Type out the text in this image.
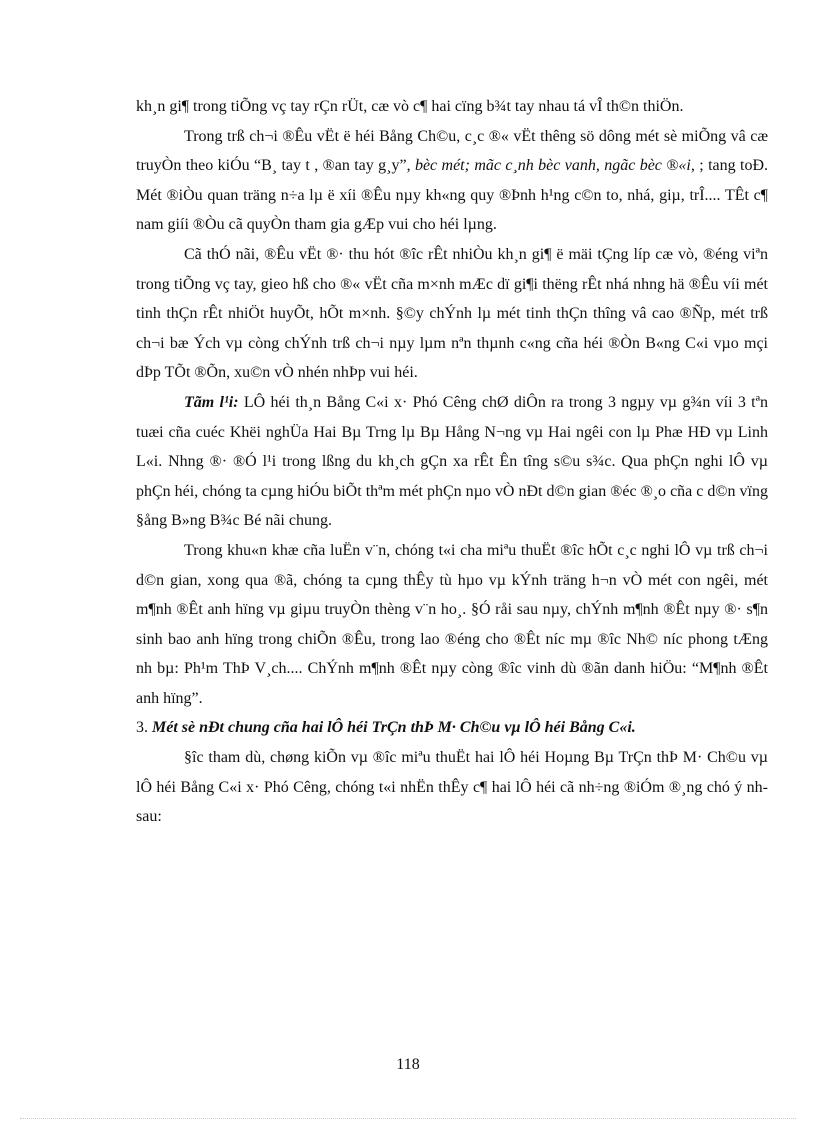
kh¸n gi¶ trong tiÕng vç tay rÇn rÜt, cæ vò c¶ hai cïng b¾t tay nhau tá vÎ th©n thiÖn.

Trong trß ch¬i ®Êu vËt ë héi Bång Ch©u, c¸c ®« vËt thêng sö dông mét sè miÕng vâ cæ truyÒn theo kiÓu “B¸ tay t , ®an tay g¸y”, bèc mét; mãc c¸nh bèc vanh, ngãc bèc ®«i, ; tang toÐ. Mét ®iÒu quan träng n÷a lµ ë xíi ®Êu nµy kh«ng quy ®Þnh h¹ng c©n to, nhá, giµ, trÎ.... TÊt c¶ nam giíi ®Òu cã quyÒn tham gia gÆp vui cho héi lµng.

Cã thÓ nãi, ®Êu vËt ®· thu hót ®îc rÊt nhiÒu kh¸n gi¶ ë mäi tÇng líp cæ vò, ®éng viªn trong tiÕng vç tay, gieo hß cho ®« vËt cña m×nh mÆc dï gi¶i thëng rÊt nhá nhng hä ®Êu víi mét tinh thÇn rÊt nhiÖt huyÕt, hÕt m×nh. §©y chÝnh lµ mét tinh thÇn thîng vâ cao ®Ñp, mét trß ch¬i bæ Ých vµ còng chÝnh trß ch¬i nµy lµm nªn thµnh c«ng cña héi ®Òn B«ng C«i vµo mçi dÞp TÕt ®Õn, xu©n vÒ nhén nhÞp vui héi.

Tãm l¹i: LÔ héi th¸n Bång C«i x· Phó Cêng chØ diÔn ra trong 3 ngµy vµ g¾n víi 3 tªn tuæi cña cuéc Khëi nghÜa Hai Bµ Trng lµ Bµ Hång N¬ng vµ Hai ngêi con lµ Phæ HÐ vµ Linh L«i. Nhng ®· ®Ó l¹i trong lßng du kh¸ch gÇn xa rÊt Ên tîng s©u s¾c. Qua phÇn nghi lÔ vµ phÇn héi, chóng ta cµng hiÓu biÕt thªm mét phÇn nµo vÒ nÐt d©n gian ®éc ®¸o cña c d©n vïng §ång B»ng B¾c Bé nãi chung.

Trong khu«n khæ cña luËn v¨n, chóng t«i cha miªu thuËt ®îc hÕt c¸c nghi lÔ vµ trß ch¬i d©n gian, xong qua ®ã, chóng ta cµng thÊy tù hµo vµ kÝnh träng h¬n vÒ mét con ngêi, mét m¶nh ®Êt anh hïng vµ giµu truyÒn thèng v¨n ho¸. §Ó råi sau nµy, chÝnh m¶nh ®Êt nµy ®· s¶n sinh bao anh hïng trong chiÕn ®Êu, trong lao ®éng cho ®Êt níc mµ ®îc Nh© níc phong tÆng nh bµ: Ph¹m ThÞ V¸ch.... ChÝnh m¶nh ®Êt nµy còng ®îc vinh dù ®ãn danh hiÖu: “M¶nh ®Êt anh hïng”.

3. Mét sè nÐt chung cña hai lÔ héi TrÇn thÞ M· Ch©u vµ lÔ héi Bång C«i.

§îc tham dù, chøng kiÕn vµ ®îc miªu thuËt hai lÔ héi Hoµng Bµ TrÇn thÞ M· Ch©u vµ lÔ héi Bång C«i x· Phó Cêng, chóng t«i nhËn thÊy c¶ hai lÔ héi cã nh÷ng ®iÓm ®¸ng chó ý nh sau:

118
